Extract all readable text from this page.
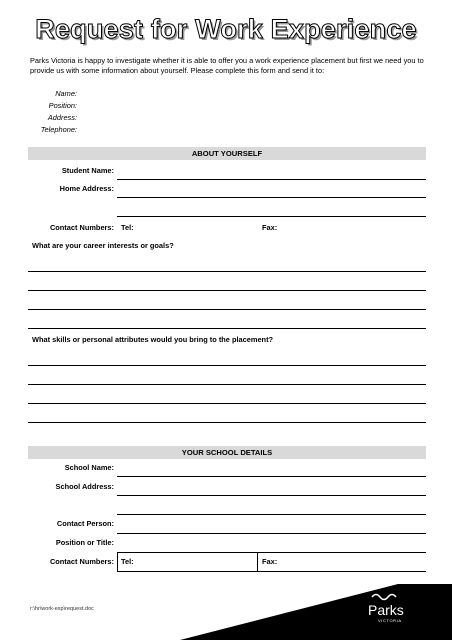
Request for Work Experience
Parks Victoria is happy to investigate whether it is able to offer you a work experience placement but first we need you to provide us with some information about yourself. Please complete this form and send it to:
Name:
Position:
Address:
Telephone:
ABOUT YOURSELF
Student Name:
Home Address:
Contact Numbers: Tel:	Fax:
What are your career interests or goals?
What skills or personal attributes would you bring to the placement?
YOUR SCHOOL DETAILS
School Name:
School Address:
Contact Person:
Position or Title:
Contact Numbers: Tel:	Fax:
r:\hr\work-exp\request.doc	Parks
VICTORIA
